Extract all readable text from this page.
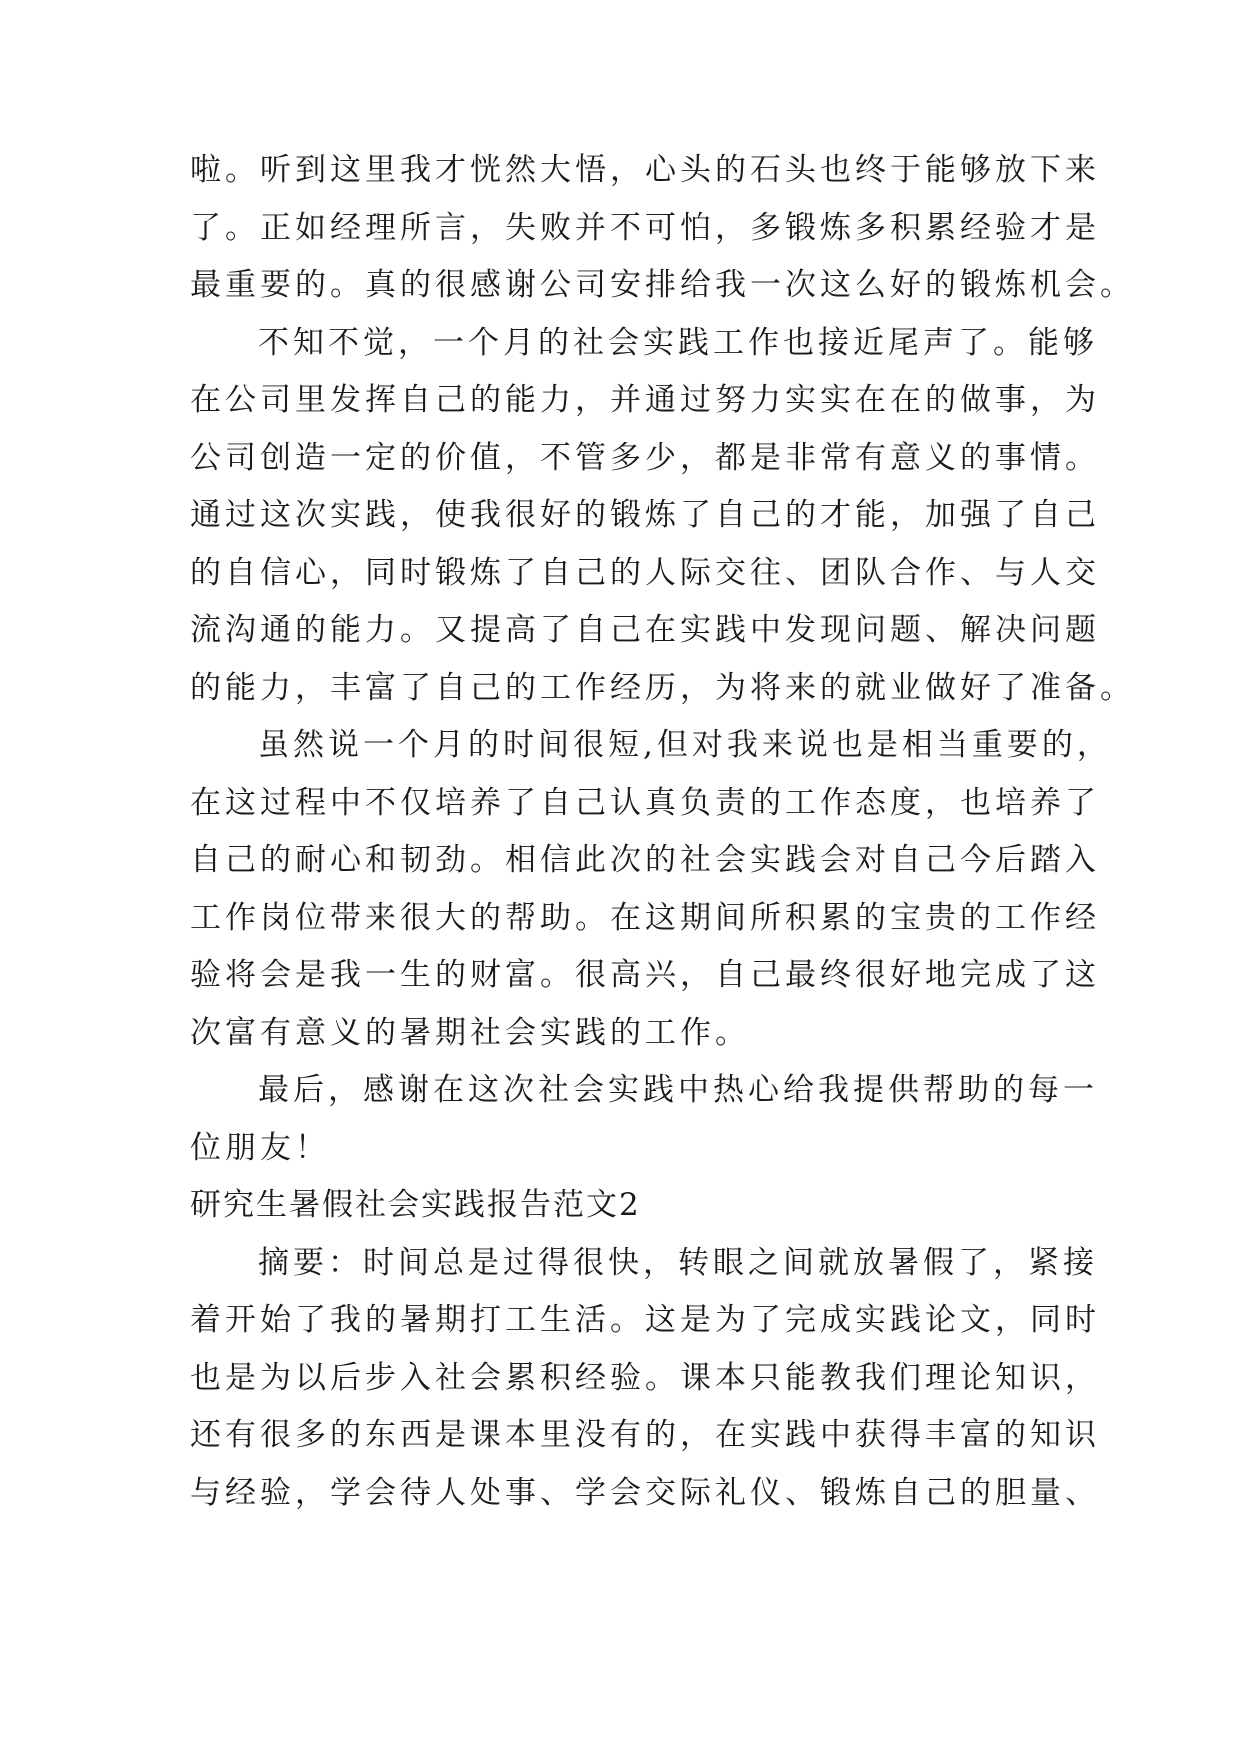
啦。听到这里我才恍然大悟，心头的石头也终于能够放下来
了。正如经理所言，失败并不可怕，多锻炼多积累经验才是
最重要的。真的很感谢公司安排给我一次这么好的锻炼机会。
不知不觉，一个月的社会实践工作也接近尾声了。能够
在公司里发挥自己的能力，并通过努力实实在在的做事，为
公司创造一定的价值，不管多少，都是非常有意义的事情。
通过这次实践，使我很好的锻炼了自己的才能，加强了自己
的自信心，同时锻炼了自己的人际交往、团队合作、与人交
流沟通的能力。又提高了自己在实践中发现问题、解决问题
的能力，丰富了自己的工作经历，为将来的就业做好了准备。
虽然说一个月的时间很短,但对我来说也是相当重要的，
在这过程中不仅培养了自己认真负责的工作态度，也培养了
自己的耐心和韧劲。相信此次的社会实践会对自己今后踏入
工作岗位带来很大的帮助。在这期间所积累的宝贵的工作经
验将会是我一生的财富。很高兴，自己最终很好地完成了这
次富有意义的暑期社会实践的工作。
最后，感谢在这次社会实践中热心给我提供帮助的每一
位朋友！
研究生暑假社会实践报告范文2
摘要：时间总是过得很快，转眼之间就放暑假了，紧接
着开始了我的暑期打工生活。这是为了完成实践论文，同时
也是为以后步入社会累积经验。课本只能教我们理论知识，
还有很多的东西是课本里没有的，在实践中获得丰富的知识
与经验，学会待人处事、学会交际礼仪、锻炼自己的胆量、
